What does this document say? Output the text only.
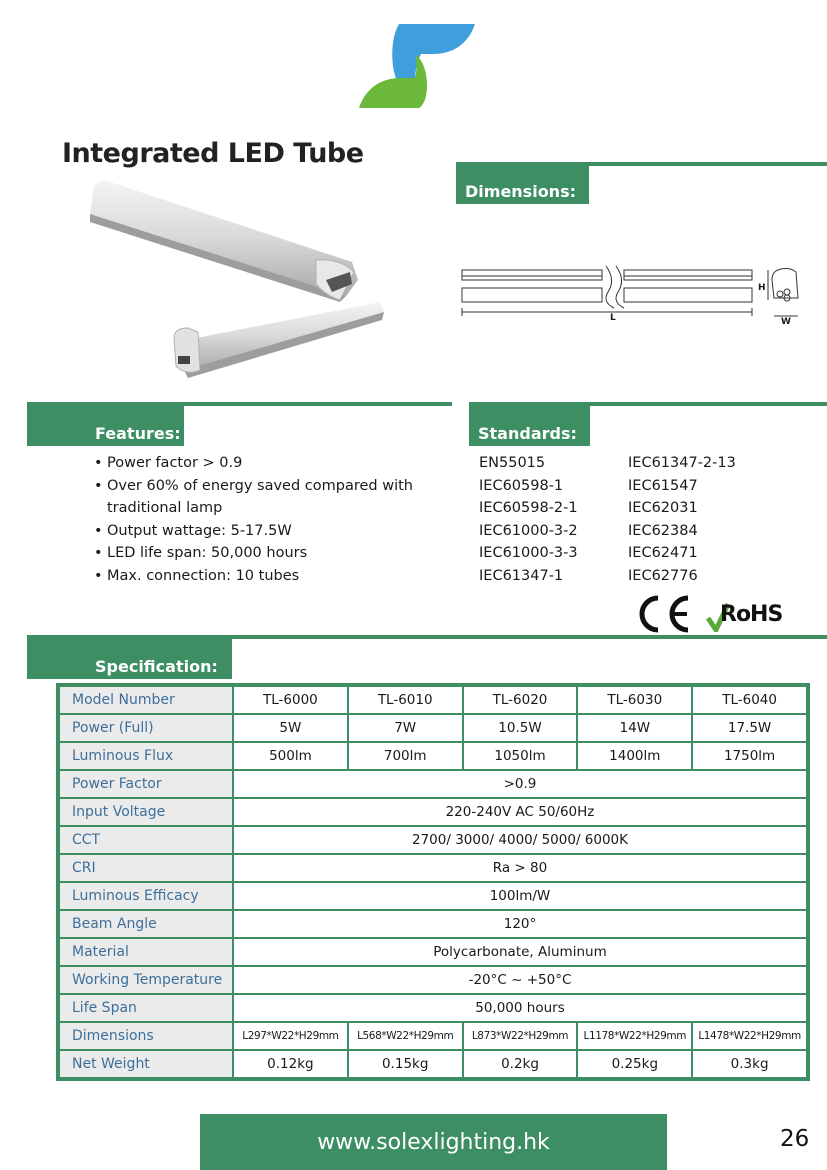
Integrated LED Tube
Dimensions:
H
L	W
Features:	Standards:
• Power factor > 0.9
• Over 60% of energy saved compared with
traditional lamp
• Output wattage: 5-17.5W
• LED life span: 50,000 hours
• Max. connection: 10 tubes
EN55015
IEC60598-1
IEC60598-2-1
IEC61000-3-2
IEC61000-3-3
IEC61347-1
IEC61347-2-13
IEC61547
IEC62031
IEC62384
IEC62471
IEC62776
RoHS
Specification:
Model Number	TL-6000	TL-6010	TL-6020	TL-6030	TL-6040
Power (Full)	5W	7W	10.5W	14W	17.5W
Luminous Flux	500lm	700lm	1050lm	1400lm	1750lm
Power Factor	>0.9				
Input Voltage	220-240V AC 50/60Hz				
CCT	2700/ 3000/ 4000/ 5000/ 6000K				
CRI	Ra > 80				
Luminous Efficacy	100lm/W				
Beam Angle	120°				
Material	Polycarbonate, Aluminum				
Working Temperature	-20°C ~ +50°C				
Life Span	50,000 hours				
Dimensions	L297*W22*H29mm	L568*W22*H29mm	L873*W22*H29mm	L1178*W22*H29mm	L1478*W22*H29mm
Net Weight	0.12kg	0.15kg	0.2kg	0.25kg	0.3kg
www.solexlighting.hk	26
